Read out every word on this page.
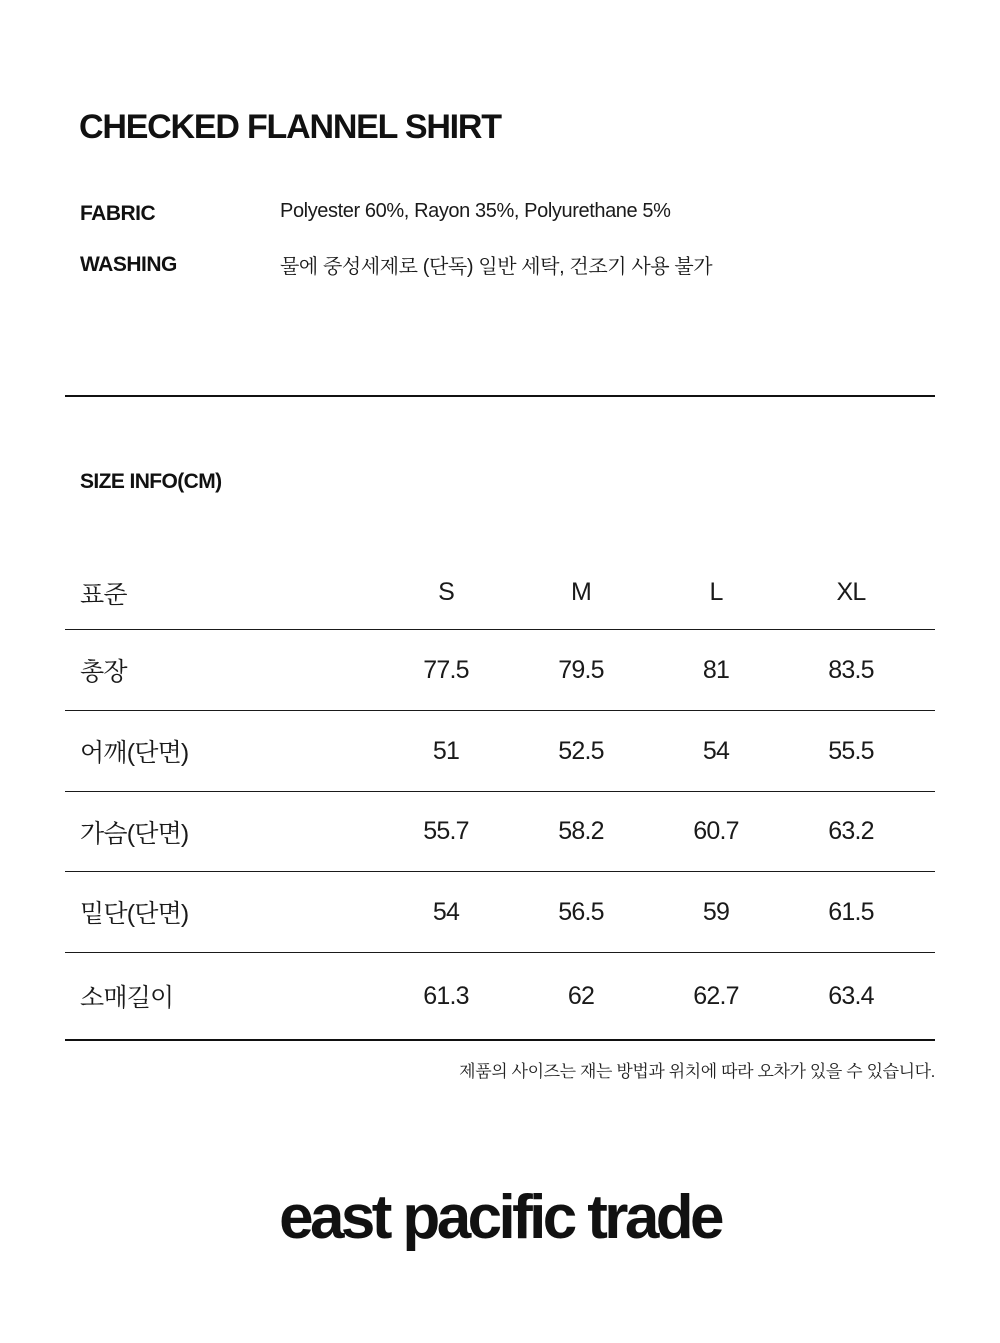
CHECKED FLANNEL SHIRT
FABRIC	Polyester 60%, Rayon 35%, Polyurethane 5%
WASHING	물에 중성세제로 (단독) 일반 세탁, 건조기 사용 불가
SIZE INFO(CM)
표준	S	M	L	XL
총장	77.5	79.5	81	83.5
어깨(단면)	51	52.5	54	55.5
가슴(단면)	55.7	58.2	60.7	63.2
밑단(단면)	54	56.5	59	61.5
소매길이	61.3	62	62.7	63.4
제품의 사이즈는 재는 방법과 위치에 따라 오차가 있을 수 있습니다.
east pacific trade
